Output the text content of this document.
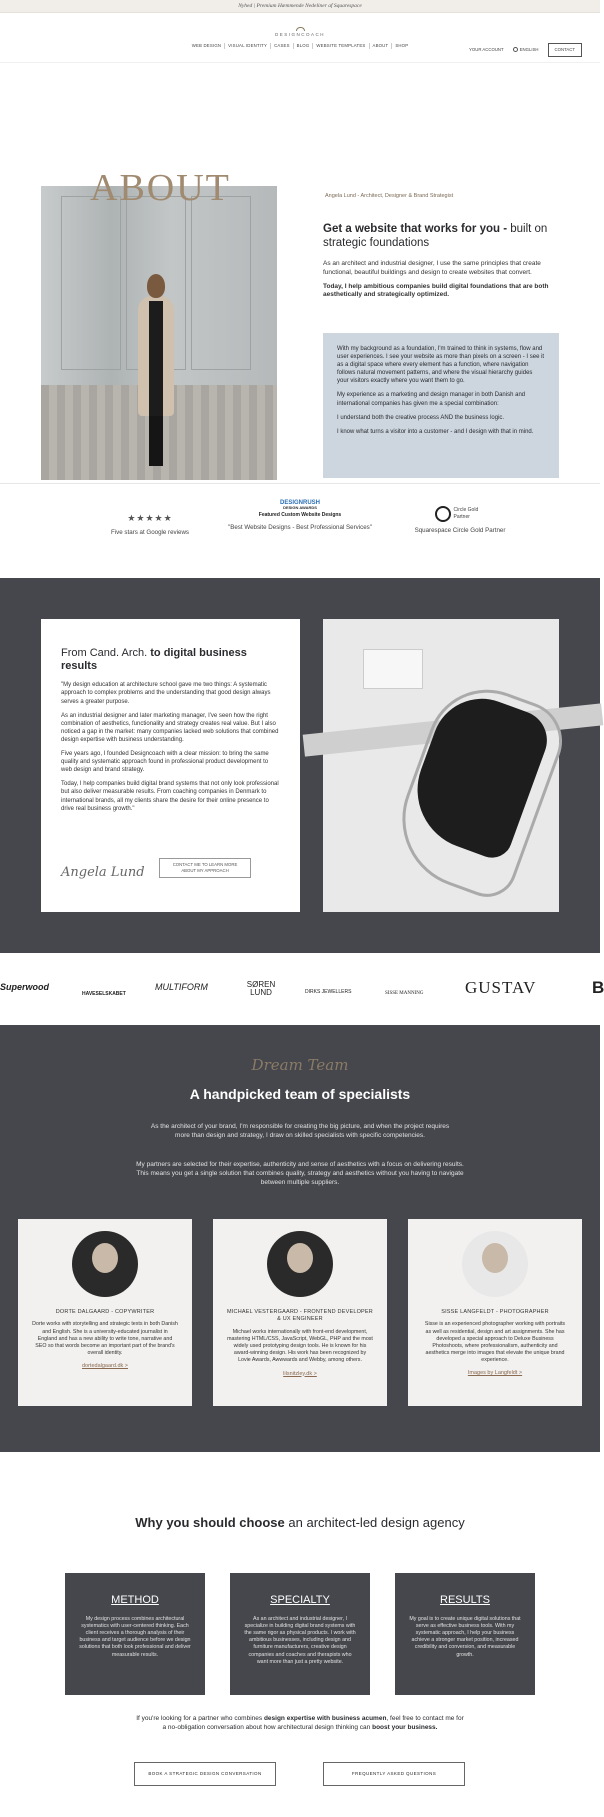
Nyhed | Premium Hæmmende Nedeliner af Squarespace
DESIGNCOACH
WEB DESIGN	VISUAL IDENTITY	CASES	BLOG	WEBSITE TEMPLATES	ABOUT	SHOP
YOUR ACCOUNT	ENGLISH	CONTACT
ABOUT	Angela Lund - Architect, Designer & Brand Strategist
Get a website that works for you - built on strategic foundations

As an architect and industrial designer, I use the same principles that create functional, beautiful buildings and design to create websites that convert.

Today, I help ambitious companies build digital foundations that are both aesthetically and strategically optimized.

With my background as a foundation, I'm trained to think in systems, flow and user experiences. I see your website as more than pixels on a screen - I see it as a digital space where every element has a function, where navigation follows natural movement patterns, and where the visual hierarchy guides your visitors exactly where you want them to go.

My experience as a marketing and design manager in both Danish and international companies has given me a special combination:

I understand both the creative process AND the business logic.

I know what turns a visitor into a customer - and I design with that in mind.

★★★★★
Five stars at Google reviews
DESIGNRUSH
DESIGN AWARDS
Featured Custom Website Designs
"Best Website Designs - Best Professional Services"
Circle Gold Partner
Squarespace Circle Gold Partner
From Cand. Arch. to digital business results

"My design education at architecture school gave me two things: A systematic approach to complex problems and the understanding that good design always serves a greater purpose.

As an industrial designer and later marketing manager, I've seen how the right combination of aesthetics, functionality and strategy creates real value. But I also noticed a gap in the market: many companies lacked web solutions that combined design expertise with business understanding.

Five years ago, I founded Designcoach with a clear mission: to bring the same quality and systematic approach found in professional product development to web design and brand strategy.

Today, I help companies build digital brand systems that not only look professional but also deliver measurable results. From coaching companies in Denmark to international brands, all my clients share the desire for their online presence to drive real business growth."

Angela Lund
CONTACT ME TO LEARN MORE ABOUT MY APPROACH
Superwood
HAVESELSKABET
MULTIFORM	SØREN LUND	DIRKS JEWELLERS	SISSE MANNING GUSTAV	B
Dream Team
A handpicked team of specialists
As the architect of your brand, I'm responsible for creating the big picture, and when the project requires more than design and strategy, I draw on skilled specialists with specific competencies.
My partners are selected for their expertise, authenticity and sense of aesthetics with a focus on delivering results. This means you get a single solution that combines quality, strategy and aesthetics without you having to navigate between multiple suppliers.
DORTE DALGAARD - COPYWRITER
Dorte works with storytelling and strategic texts in both Danish and English. She is a university-educated journalist in England and has a new ability to write tone, narrative and SEO so that words become an important part of the brand's overall identity.
dortedalgaard.dk >
MICHAEL VESTERGAARD - FRONTEND DEVELOPER & UX ENGINEER
Michael works internationally with front-end development, mastering HTML/CSS, JavaScript, WebGL, PHP and the most widely used prototyping design tools. He is known for his award-winning design. His work has been recognized by Lovie Awards, Awwwards and Webby, among others.
lilsnitzley.dk >
SISSE LANGFELDT - PHOTOGRAPHER
Sisse is an experienced photographer working with portraits as well as residential, design and art assignments. She has developed a special approach to Deluxe Business Photoshoots, where professionalism, authenticity and aesthetics merge into images that elevate the unique brand experience.
Images by Langfeldt >
Why you should choose an architect-led design agency
METHOD

My design process combines architectural systematics with user-centered thinking. Each client receives a thorough analysis of their business and target audience before we design solutions that both look professional and deliver measurable results.

SPECIALTY

As an architect and industrial designer, I specialize in building digital brand systems with the same rigor as physical products. I work with ambitious businesses, including design and furniture manufacturers, creative design companies and coaches and therapists who want more than just a pretty website.

RESULTS

My goal is to create unique digital solutions that serve as effective business tools. With my systematic approach, I help your business achieve a stronger market position, increased credibility and conversion, and measurable growth.

If you're looking for a partner who combines design expertise with business acumen, feel free to contact me for a no-obligation conversation about how architectural design thinking can boost your business.
BOOK A STRATEGIC DESIGN CONVERSATION	FREQUENTLY ASKED QUESTIONS
